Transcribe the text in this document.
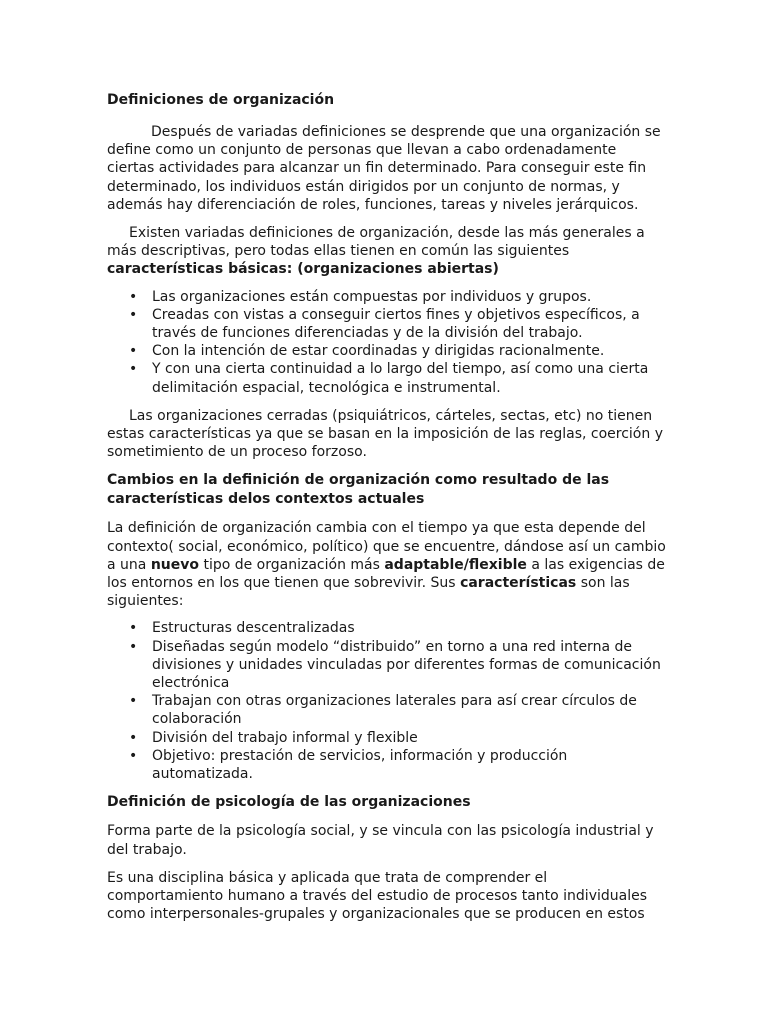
Definiciones de organización

Después de variadas definiciones se desprende que una organización se define como un conjunto de personas que llevan a cabo ordenadamente ciertas actividades para alcanzar un fin determinado. Para conseguir este fin determinado, los individuos están dirigidos por un conjunto de normas, y además hay diferenciación de roles, funciones, tareas y niveles jerárquicos.

Existen variadas definiciones de organización, desde las más generales a más descriptivas, pero todas ellas tienen en común las siguientes características básicas: (organizaciones abiertas)

• Las organizaciones están compuestas por individuos y grupos.
• Creadas con vistas a conseguir ciertos fines y objetivos específicos, a través de funciones diferenciadas y de la división del trabajo.
• Con la intención de estar coordinadas y dirigidas racionalmente.
• Y con una cierta continuidad a lo largo del tiempo, así como una cierta delimitación espacial, tecnológica e instrumental.

Las organizaciones cerradas (psiquiátricos, cárteles, sectas, etc) no tienen estas características ya que se basan en la imposición de las reglas, coerción y sometimiento de un proceso forzoso.

Cambios en la definición de organización como resultado de las características delos contextos actuales

La definición de organización cambia con el tiempo ya que esta depende del contexto( social, económico, político) que se encuentre, dándose así un cambio a una nuevo tipo de organización más adaptable/flexible a las exigencias de los entornos en los que tienen que sobrevivir. Sus características son las siguientes:

• Estructuras descentralizadas
• Diseñadas según modelo “distribuido” en torno a una red interna de divisiones y unidades vinculadas por diferentes formas de comunicación electrónica
• Trabajan con otras organizaciones laterales para así crear círculos de colaboración
• División del trabajo informal y flexible
• Objetivo: prestación de servicios, información y producción automatizada.
Definición de psicología de las organizaciones

Forma parte de la psicología social, y se vincula con las psicología industrial y del trabajo.

Es una disciplina básica y aplicada que trata de comprender el comportamiento humano a través del estudio de procesos tanto individuales como interpersonales-grupales y organizacionales que se producen en estos
